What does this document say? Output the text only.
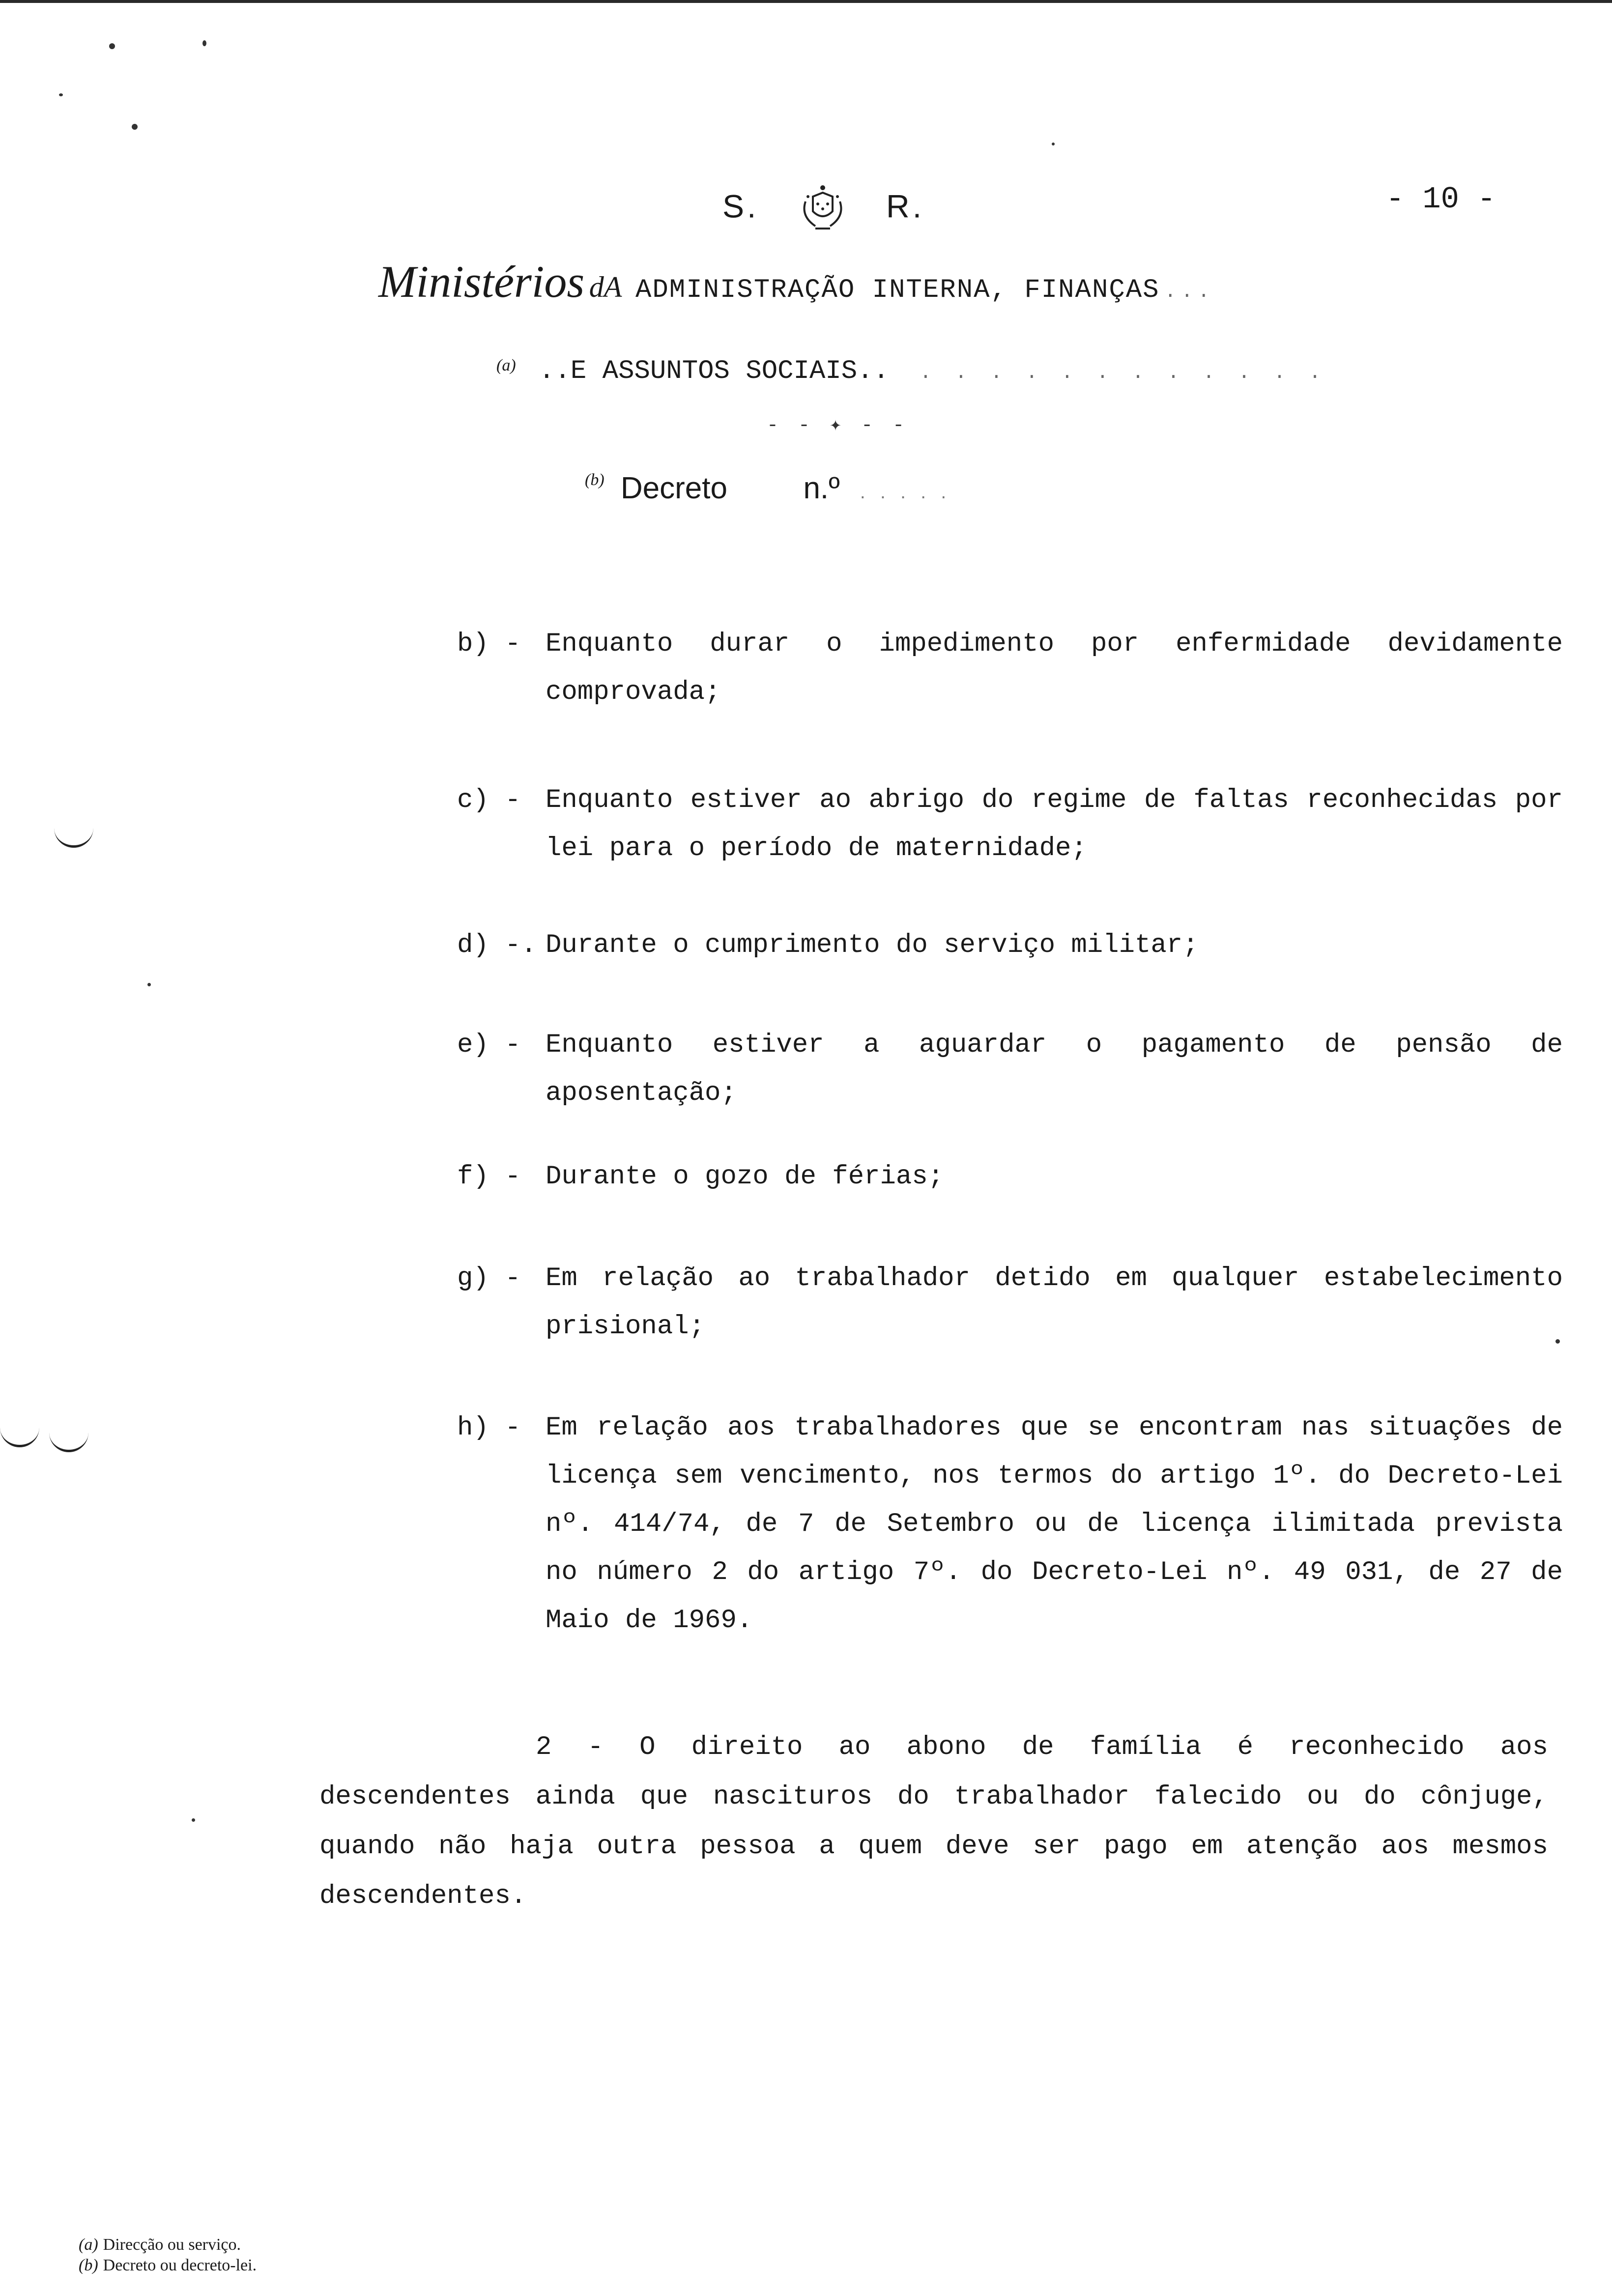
S.	R.	- 10 -
Ministérios dA ADMINISTRAÇÃO INTERNA, FINANÇAS ...
$^{(a)}$ ..E ASSUNTOS SOCIAIS.. . . . . . . . . . . . .
- - ✦ - -
$^{(b)}$ Decreto n.º . . . . .
b) - Enquanto durar o impedimento por enfermidade devidamente comprovada;
c) - Enquanto estiver ao abrigo do regime de faltas reconhecidas por lei para o período de maternidade;
d) -. Durante o cumprimento do serviço militar;
e) - Enquanto estiver a aguardar o pagamento de pensão de aposentação;
f) - Durante o gozo de férias;
g) - Em relação ao trabalhador detido em qualquer estabelecimento prisional;
h) - Em relação aos trabalhadores que se encontram nas situações de licença sem vencimento, nos termos do artigo 1º. do Decreto-Lei nº. 414/74, de 7 de Setembro ou de licença ilimitada prevista no número 2 do artigo 7º. do Decreto-Lei nº. 49 031, de 27 de Maio de 1969.
2 - O direito ao abono de família é reconhecido aos descendentes ainda que nascituros do trabalhador falecido ou do cônjuge, quando não haja outra pessoa a quem deve ser pago em atenção aos mesmos descendentes.
(a) Direcção ou serviço.
(b) Decreto ou decreto-lei.
